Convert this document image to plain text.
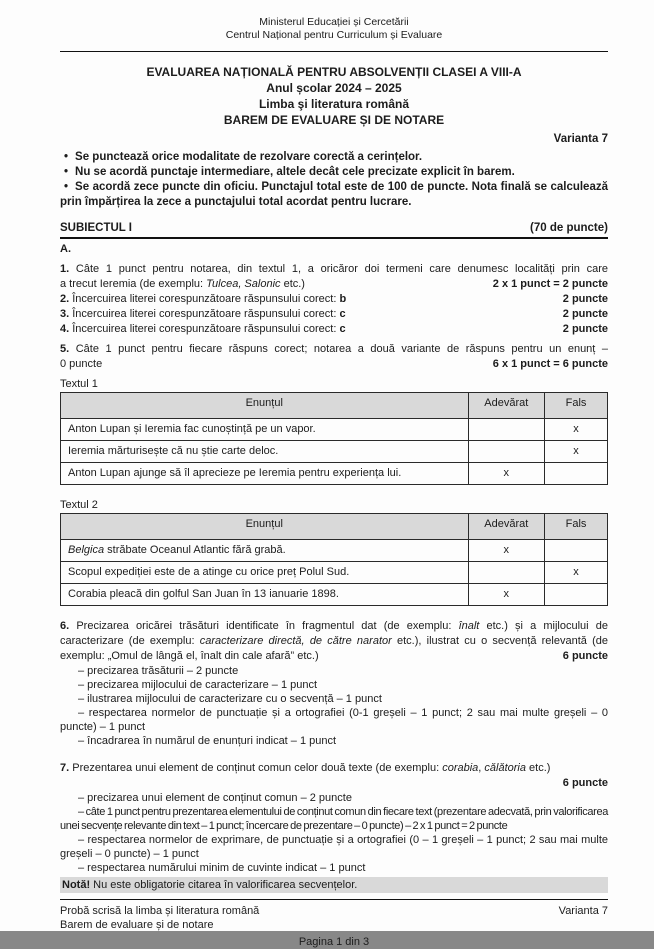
Ministerul Educației și Cercetării
Centrul Național pentru Curriculum și Evaluare
EVALUAREA NAȚIONALĂ PENTRU ABSOLVENȚII CLASEI A VIII-A
Anul școlar 2024 – 2025
Limba şi literatura română
BAREM DE EVALUARE ȘI DE NOTARE
Varianta 7

• Se punctează orice modalitate de rezolvare corectă a cerințelor.

• Nu se acordă punctaje intermediare, altele decât cele precizate explicit în barem.

• Se acordă zece puncte din oficiu. Punctajul total este de 100 de puncte. Nota finală se calculează prin împărțirea la zece a punctajului total acordat pentru lucrare.

SUBIECTUL I	(70 de puncte)
A.
1. Câte 1 punct pentru notarea, din textul 1, a oricăror doi termeni care denumesc localități prin care
a trecut Ieremia (de exemplu: Tulcea, Salonic etc.)	2 x 1 punct = 2 puncte
2. Încercuirea literei corespunzătoare răspunsului corect: b	2 puncte
3. Încercuirea literei corespunzătoare răspunsului corect: c	2 puncte
4. Încercuirea literei corespunzătoare răspunsului corect: c	2 puncte
5. Câte 1 punct pentru fiecare răspuns corect; notarea a două variante de răspuns pentru un enunț –
0 puncte	6 x 1 punct = 6 puncte
Textul 1
Enunțul	Adevărat	Fals
Anton Lupan și Ieremia fac cunoștință pe un vapor.		x
Ieremia mărturisește că nu știe carte deloc.		x
Anton Lupan ajunge să îl aprecieze pe Ieremia pentru experiența lui.	x	
Textul 2
Enunțul	Adevărat	Fals
Belgica străbate Oceanul Atlantic fără grabă.	x	
Scopul expediției este de a atinge cu orice preț Polul Sud.		x
Corabia pleacă din golful San Juan în 13 ianuarie 1898.	x	
6. Precizarea oricărei trăsături identificate în fragmentul dat (de exemplu: înalt etc.) și a mijlocului de
caracterizare (de exemplu: caracterizare directă, de către narator etc.), ilustrat cu o secvență relevantă (de
exemplu: „Omul de lângă el, înalt din cale afară” etc.)	6 puncte

– precizarea trăsăturii – 2 puncte

– precizarea mijlocului de caracterizare – 1 punct

– ilustrarea mijlocului de caracterizare cu o secvență – 1 punct

– respectarea normelor de punctuație și a ortografiei (0-1 greșeli – 1 punct; 2 sau mai multe greșeli – 0 puncte) – 1 punct

– încadrarea în numărul de enunțuri indicat – 1 punct

7. Prezentarea unui element de conținut comun celor două texte (de exemplu: corabia, călătoria etc.)
6 puncte

– precizarea unui element de conținut comun – 2 puncte

– câte 1 punct pentru prezentarea elementului de conținut comun din fiecare text (prezentare adecvată, prin valorificarea unei secvențe relevante din text – 1 punct; încercare de prezentare – 0 puncte) – 2 x 1 punct = 2 puncte

– respectarea normelor de exprimare, de punctuație și a ortografiei (0 – 1 greșeli – 1 punct; 2 sau mai multe greșeli – 0 puncte) – 1 punct

– respectarea numărului minim de cuvinte indicat – 1 punct

Notă! Nu este obligatorie citarea în valorificarea secvențelor.
Probă scrisă la limba și literatura română
Barem de evaluare și de notare
Varianta 7
Pagina 1 din 3
